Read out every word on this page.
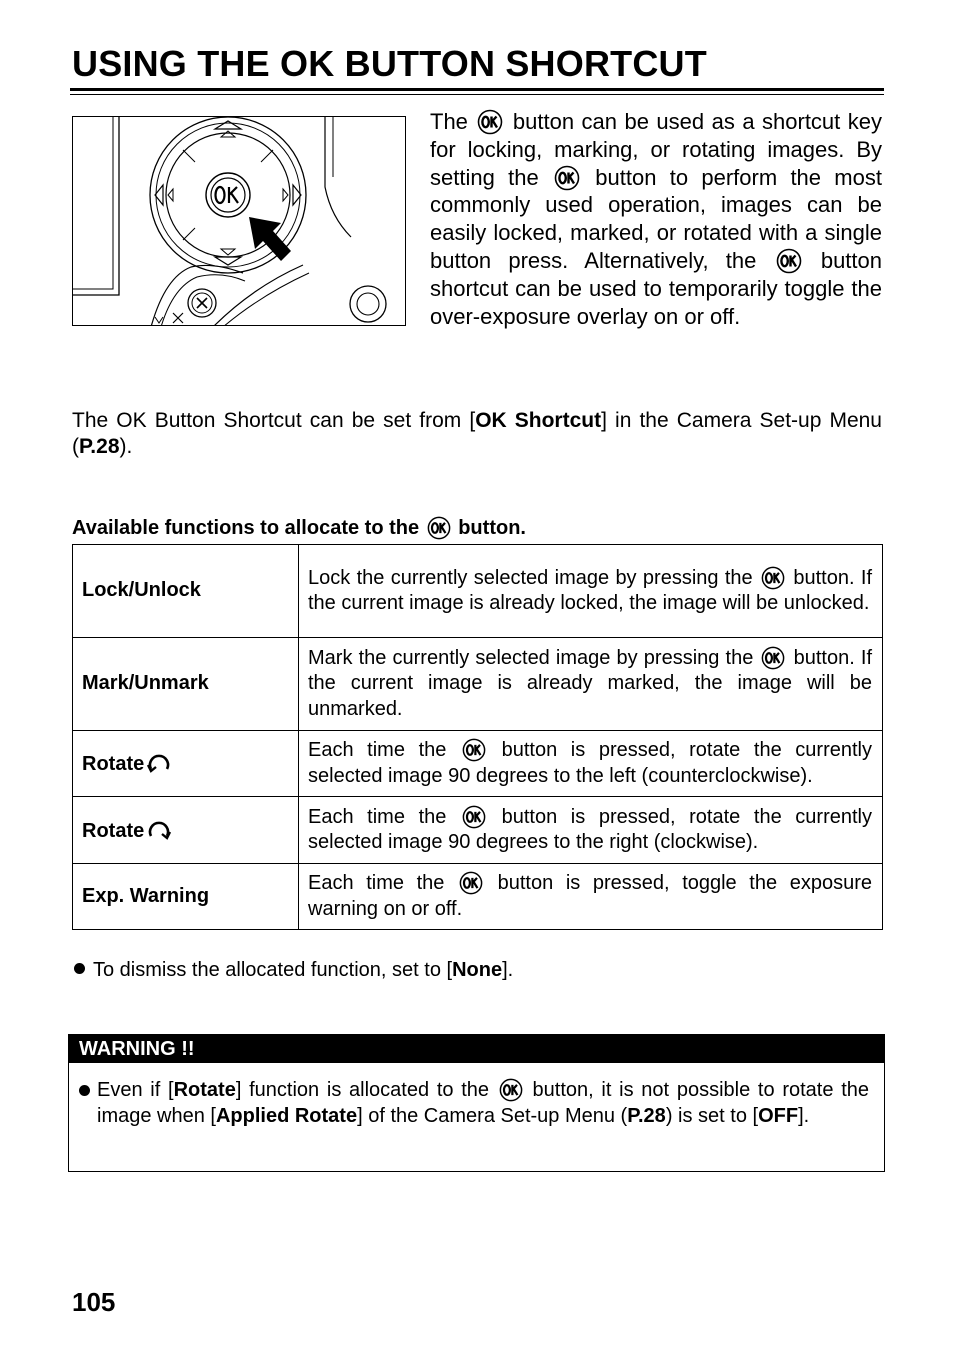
USING THE OK BUTTON SHORTCUT
The button can be used as a shortcut key for locking, marking, or rotating images. By setting the	button to perform the most commonly used operation, images can be easily locked, marked, or rotated with a single button press. Alternatively, the	button shortcut can be used to temporarily toggle the over-exposure overlay on or off.
The OK Button Shortcut can be set from [OK Shortcut] in the Camera Set-up Menu (P.28).
Available functions to allocate to the button.
Lock/Unlock	Lock the currently selected image by pressing the button. If the current image is already locked, the image will be unlocked.
Mark/Unmark	Mark the currently selected image by pressing the button. If the current image is already marked, the image will be unmarked.
Rotate	Each time the button is pressed, rotate the currently selected image 90 degrees to the left (counterclockwise).
Rotate	Each time the button is pressed, rotate the currently selected image 90 degrees to the right (clockwise).
Exp. Warning	Each time the button is pressed, toggle the exposure warning on or off.
To dismiss the allocated function, set to [None].
WARNING !!
Even if [Rotate] function is allocated to the button, it is not possible to rotate the image when [Applied Rotate] of the Camera Set-up Menu (P.28) is set to [OFF].
105
